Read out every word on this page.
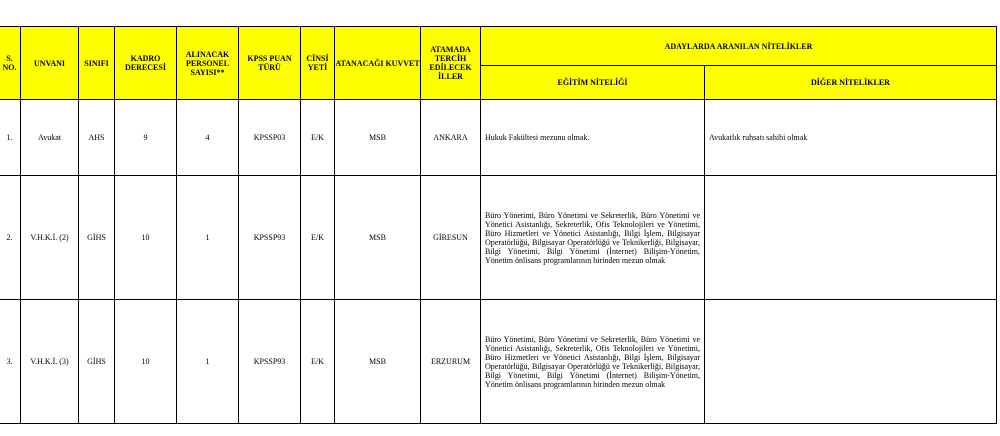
S. NO.	UNVANI	SINIFI	KADRO DERECESİ	ALINACAK PERSONEL SAYISI**	KPSS PUAN TÜRÜ	CİNSİ YETİ	ATANACAĞI KUVVET	ATAMADA TERCİH EDİLECEK İLLER	ADAYLARDA ARANILAN NİTELİKLER	
									EĞİTİM NİTELİĞİ	DİĞER NİTELİKLER
1.	Avukat	AHS	9	4	KPSSP03	E/K	MSB	ANKARA	Hukuk Fakültesi mezunu olmak.	Avukatlık ruhsatı sahibi olmak
2.	V.H.K.İ. (2)	GİHS	10	1	KPSSP93	E/K	MSB	GİRESUN	Büro Yönetimi, Büro Yönetimi ve Sekreterlik, Büro Yönetimi ve Yönetici Asistanlığı, Sekreterlik, Ofis Teknolojileri ve Yönetimi, Büro Hizmetleri ve Yönetici Asistanlığı, Bilgi İşlem, Bilgisayar Operatörlüğü, Bilgisayar Operatörlüğü ve Teknikerliği, Bilgisayar, Bilgi Yönetimi, Bilgi Yönetimi (İnternet) Bilişim-Yönetim, Yönetim önlisans programlarının birinden mezun olmak	
3.	V.H.K.İ. (3)	GİHS	10	1	KPSSP93	E/K	MSB	ERZURUM	Büro Yönetimi, Büro Yönetimi ve Sekreterlik, Büro Yönetimi ve Yönetici Asistanlığı, Sekreterlik, Ofis Teknolojileri ve Yönetimi, Büro Hizmetleri ve Yönetici Asistanlığı, Bilgi İşlem, Bilgisayar Operatörlüğü, Bilgisayar Operatörlüğü ve Teknikerliği, Bilgisayar, Bilgi Yönetimi, Bilgi Yönetimi (İnternet) Bilişim-Yönetim, Yönetim önlisans programlarının birinden mezun olmak	
